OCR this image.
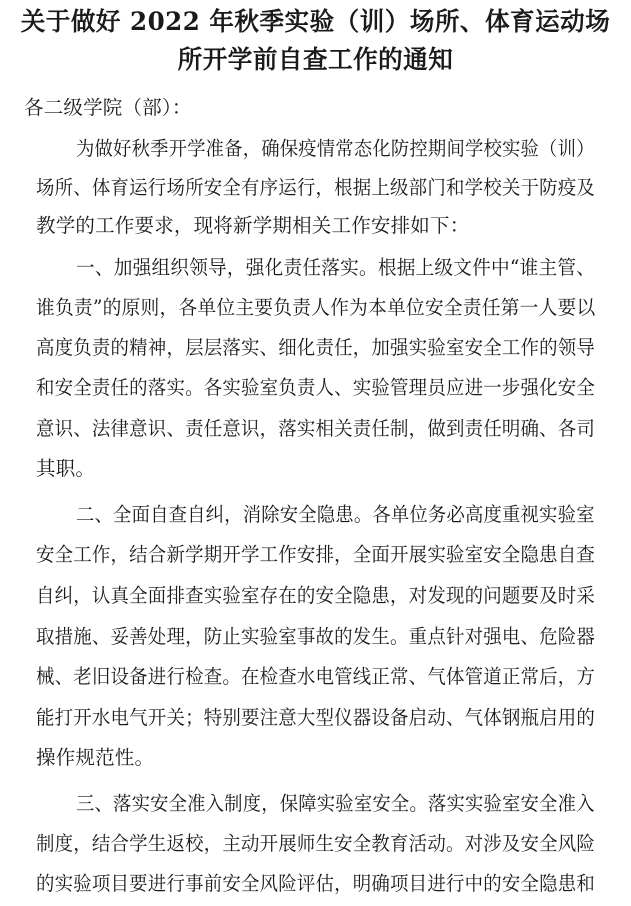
关于做好 2022 年秋季实验（训）场所、体育运动场
所开学前自查工作的通知
各二级学院（部）：
为做好秋季开学准备，确保疫情常态化防控期间学校实验（训）
场所、体育运行场所安全有序运行，根据上级部门和学校关于防疫及
教学的工作要求，现将新学期相关工作安排如下：
一、加强组织领导，强化责任落实。根据上级文件中“谁主管、
谁负责”的原则，各单位主要负责人作为本单位安全责任第一人要以
高度负责的精神，层层落实、细化责任，加强实验室安全工作的领导
和安全责任的落实。各实验室负责人、实验管理员应进一步强化安全
意识、法律意识、责任意识，落实相关责任制，做到责任明确、各司
其职。
二、全面自查自纠，消除安全隐患。各单位务必高度重视实验室
安全工作，结合新学期开学工作安排，全面开展实验室安全隐患自查
自纠，认真全面排查实验室存在的安全隐患，对发现的问题要及时采
取措施、妥善处理，防止实验室事故的发生。重点针对强电、危险器
械、老旧设备进行检查。在检查水电管线正常、气体管道正常后，方
能打开水电气开关；特别要注意大型仪器设备启动、气体钢瓶启用的
操作规范性。
三、落实安全准入制度，保障实验室安全。落实实验室安全准入
制度，结合学生返校，主动开展师生安全教育活动。对涉及安全风险
的实验项目要进行事前安全风险评估，明确项目进行中的安全隐患和
